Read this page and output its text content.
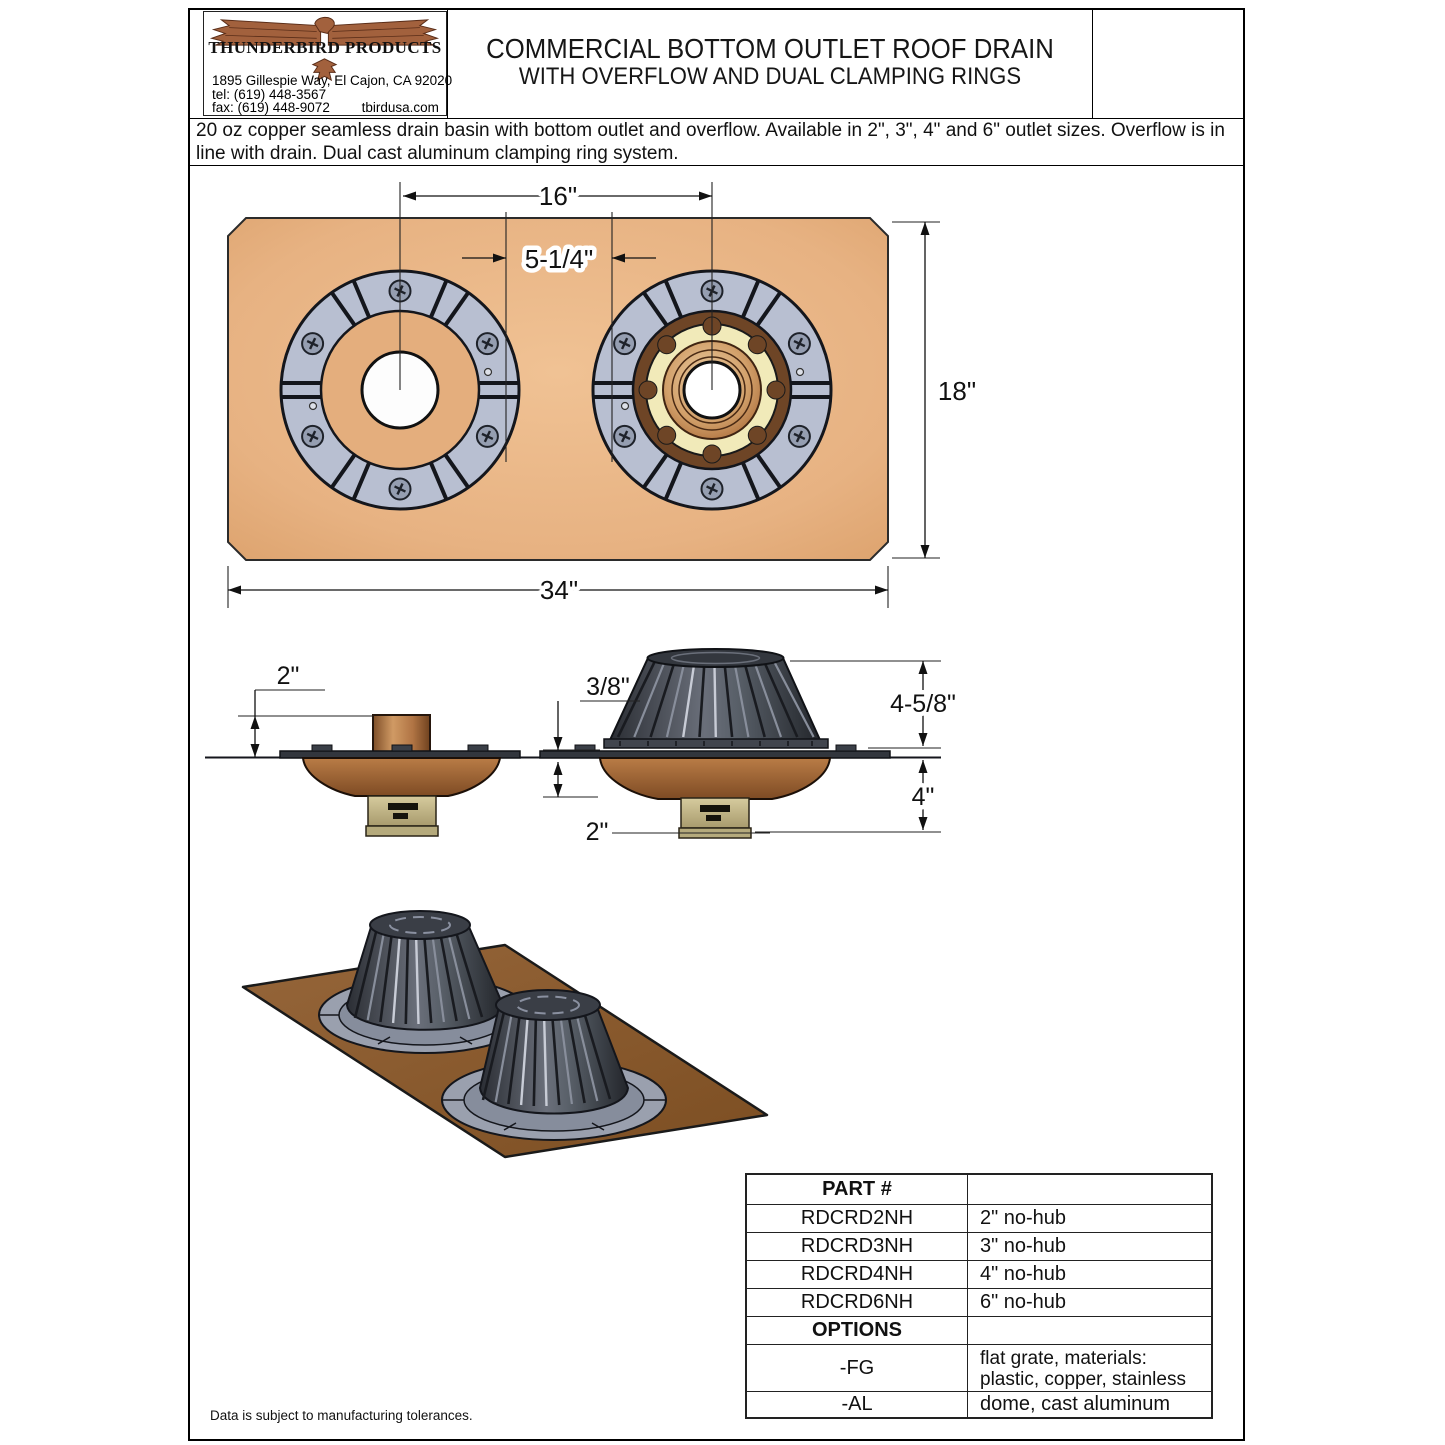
THUNDERBIRD PRODUCTS
1895 Gillespie Way, El Cajon, CA 92020
tel: (619) 448-3567
fax: (619) 448-9072 tbirdusa.com
COMMERCIAL BOTTOM OUTLET ROOF DRAIN
WITH OVERFLOW AND DUAL CLAMPING RINGS
20 oz copper seamless drain basin with bottom outlet and overflow. Available in 2", 3", 4" and 6" outlet sizes. Overflow is in line with drain. Dual cast aluminum clamping ring system.
16"
5-1/4"
18"
34"
2"	3/8"
2"
4-5/8"
4"
PART #
RDCRD2NH	2" no-hub
RDCRD3NH	3" no-hub
RDCRD4NH	4" no-hub
RDCRD6NH	6" no-hub
OPTIONS
-FG	flat grate, materials:
plastic, copper, stainless
-AL	dome, cast aluminum
Data is subject to manufacturing tolerances.
